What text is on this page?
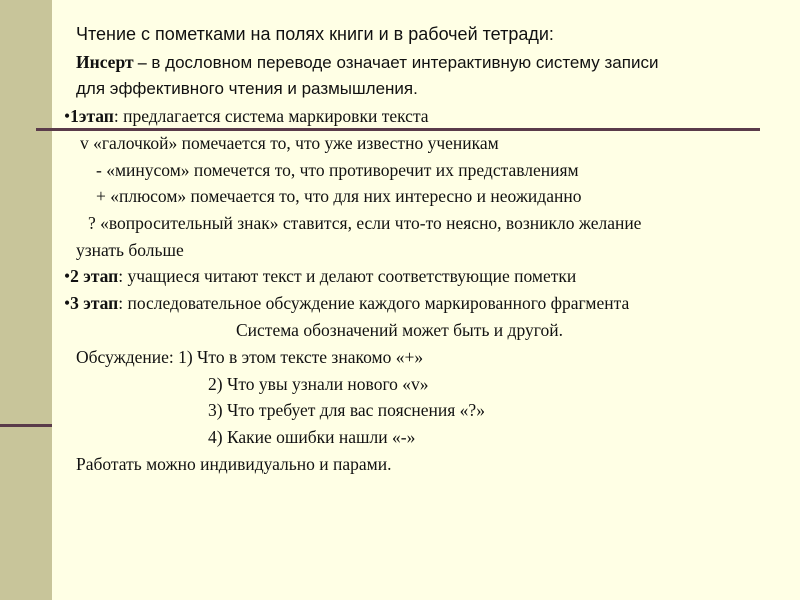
Чтение с пометками на полях книги и в рабочей тетради:
Инсерт – в дословном переводе означает интерактивную систему записи
для эффективного чтения и размышления.
•1этап: предлагается система маркировки текста
v «галочкой» помечается то, что уже известно ученикам
- «минусом» помечется то, что противоречит их представлениям
+ «плюсом» помечается то, что для них интересно и неожиданно
? «вопросительный знак» ставится, если что-то неясно, возникло желание
узнать больше
•2 этап: учащиеся читают текст и делают соответствующие пометки
•3 этап: последовательное обсуждение каждого маркированного фрагмента
Система обозначений может быть и другой.
Обсуждение: 1) Что в этом тексте знакомо «+»
2) Что увы узнали нового «v»
3) Что требует для вас пояснения «?»
4) Какие ошибки нашли «-»
Работать можно индивидуально и парами.
